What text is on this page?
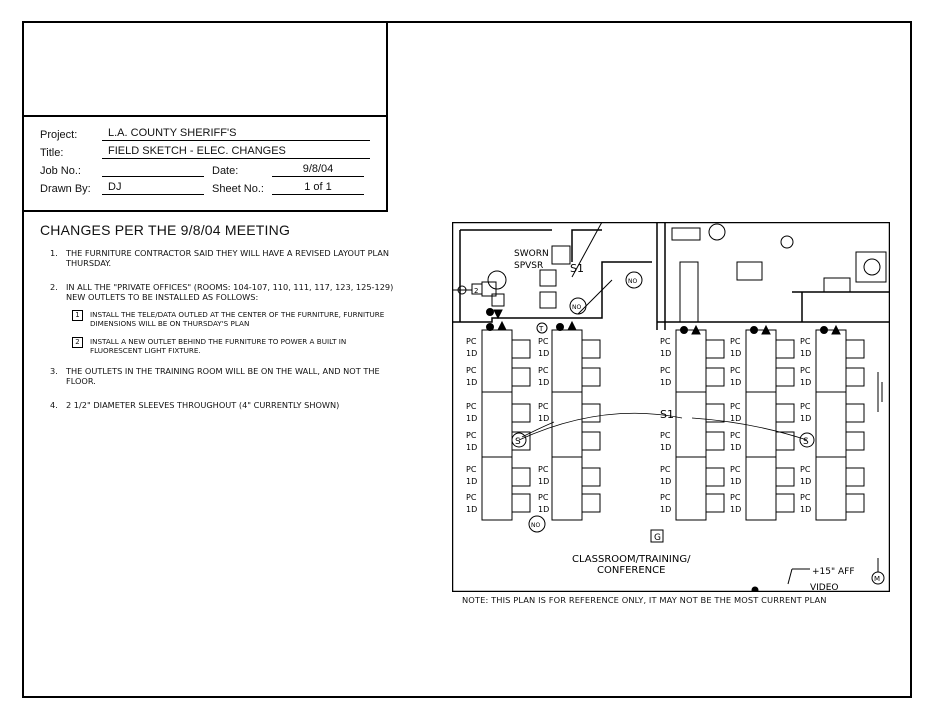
Project:	L.A. COUNTY SHERIFF'S
Title:	FIELD SKETCH - ELEC. CHANGES
Job No.:	Date:	9/8/04
Drawn By:	DJ	Sheet No.:	1 of 1
CHANGES PER THE 9/8/04 MEETING
1. THE FURNITURE CONTRACTOR SAID THEY WILL HAVE A REVISED LAYOUT PLAN THURSDAY.
2. IN ALL THE "PRIVATE OFFICES" (ROOMS: 104-107, 110, 111, 117, 123, 125-129) NEW OUTLETS TO BE INSTALLED AS FOLLOWS:
1	INSTALL THE TELE/DATA OUTLED AT THE CENTER OF THE FURNITURE, FURNITURE DIMENSIONS WILL BE ON THURSDAY'S PLAN
2	INSTALL A NEW OUTLET BEHIND THE FURNITURE TO POWER A BUILT IN FLUORESCENT LIGHT FIXTURE.
3. THE OUTLETS IN THE TRAINING ROOM WILL BE ON THE WALL, AND NOT THE FLOOR.
4. 2 1/2" DIAMETER SLEEVES THROUGHOUT (4" CURRENTLY SHOWN)
SWORN
SPVSR S1
2
NO
NO
T
S
NO
S1
S
PC
1D
PC
1D
PC
1D
PC
1D
PC
1D
PC
1D
PC
1D
PC
1D
PC
1D
PC
1D
PC
1D
PC
1D
PC
1D
PC
1D
PC
1D
PC
1D
PC
1D
PC
1D
PC
1D
PC
1D
PC
1D
PC
1D
PC
1D
PC
1D
PC
1D
PC
1D
PC
1D
G
CLASSROOM/TRAINING/
CONFERENCE	+15" AFF
VIDEO
M
NOTE: THIS PLAN IS FOR REFERENCE ONLY, IT MAY NOT BE THE MOST CURRENT PLAN
